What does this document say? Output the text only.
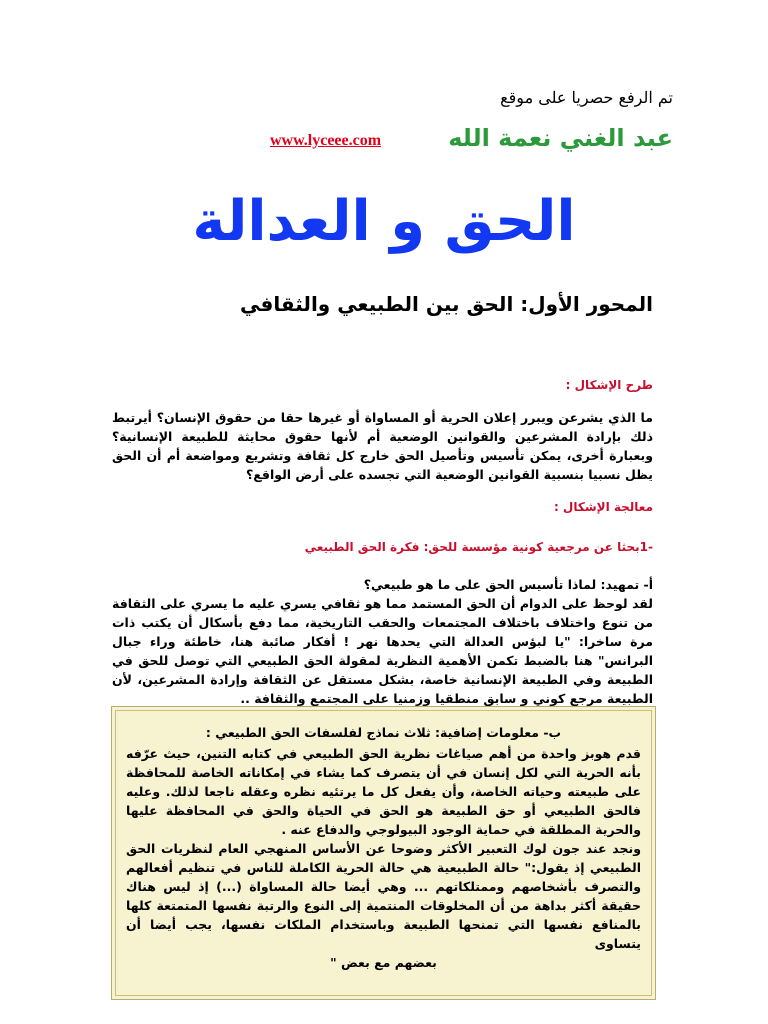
تم الرفع حصريا على موقع
عبد الغني نعمة الله
www.lyceee.com
الحق و العدالة
المحور الأول: الحق بين الطبيعي والثقافي
طرح الإشكال :

ما الذي يشرعن ويبرر إعلان الحرية أو المساواة أو غيرها حقا من حقوق الإنسان؟ أيرتبط ذلك بإرادة المشرعين والقوانين الوضعية أم لأنها حقوق محايثة للطبيعة الإنسانية؟ وبعبارة أخرى، يمكن تأسيس وتأصيل الحق خارج كل ثقافة وتشريع ومواضعة أم أن الحق يظل نسبيا بنسبية القوانين الوضعية التي تجسده على أرض الواقع؟

معالجة الإشكال :
-1بحثا عن مرجعية كونية مؤسسة للحق: فكرة الحق الطبيعي

أ- تمهيد: لماذا تأسيس الحق على ما هو طبيعي؟

لقد لوحظ على الدوام أن الحق المستمد مما هو ثقافي يسري عليه ما يسري على الثقافة من تنوع واختلاف باختلاف المجتمعات والحقب التاريخية، مما دفع بأسكال أن يكتب ذات مرة ساخرا: "يا لبؤس العدالة التي يحدها نهر ! أفكار صائبة هنا، خاطئة وراء جبال البرانس" هنا بالضبط تكمن الأهمية النظرية لمقولة الحق الطبيعي التي توصل للحق في الطبيعة وفي الطبيعة الإنسانية خاصة، بشكل مستقل عن الثقافة وإرادة المشرعين، لأن الطبيعة مرجع كوني و سابق منطقيا وزمنيا على المجتمع والثقافة ..

ب- معلومات إضافية: ثلاث نماذج لفلسفات الحق الطبيعي :

قدم هوبز واحدة من أهم صياغات نظرية الحق الطبيعي في كتابه التنين، حيث عرّفه بأنه الحرية التي لكل إنسان في أن يتصرف كما يشاء في إمكاناته الخاصة للمحافظة على طبيعته وحياته الخاصة، وأن يفعل كل ما يرتئيه نظره وعقله ناجعا لذلك. وعليه فالحق الطبيعي أو حق الطبيعة هو الحق في الحياة والحق في المحافظة عليها والحرية المطلقة في حماية الوجود البيولوجي والدفاع عنه .

ونجد عند جون لوك التعبير الأكثر وضوحا عن الأساس المنهجي العام لنظريات الحق الطبيعي إذ يقول:" حالة الطبيعية هي حالة الحرية الكاملة للناس في تنظيم أفعالهم والتصرف بأشخاصهم وممتلكاتهم ... وهي أيضا حالة المساواة (...) إذ ليس هناك حقيقة أكثر بداهة من أن المخلوقات المنتمية إلى النوع والرتبة نفسها المتمتعة كلها بالمنافع نفسها التي تمنحها الطبيعة وباستخدام الملكات نفسها، يجب أيضا أن يتساوى

بعضهم مع بعض "
